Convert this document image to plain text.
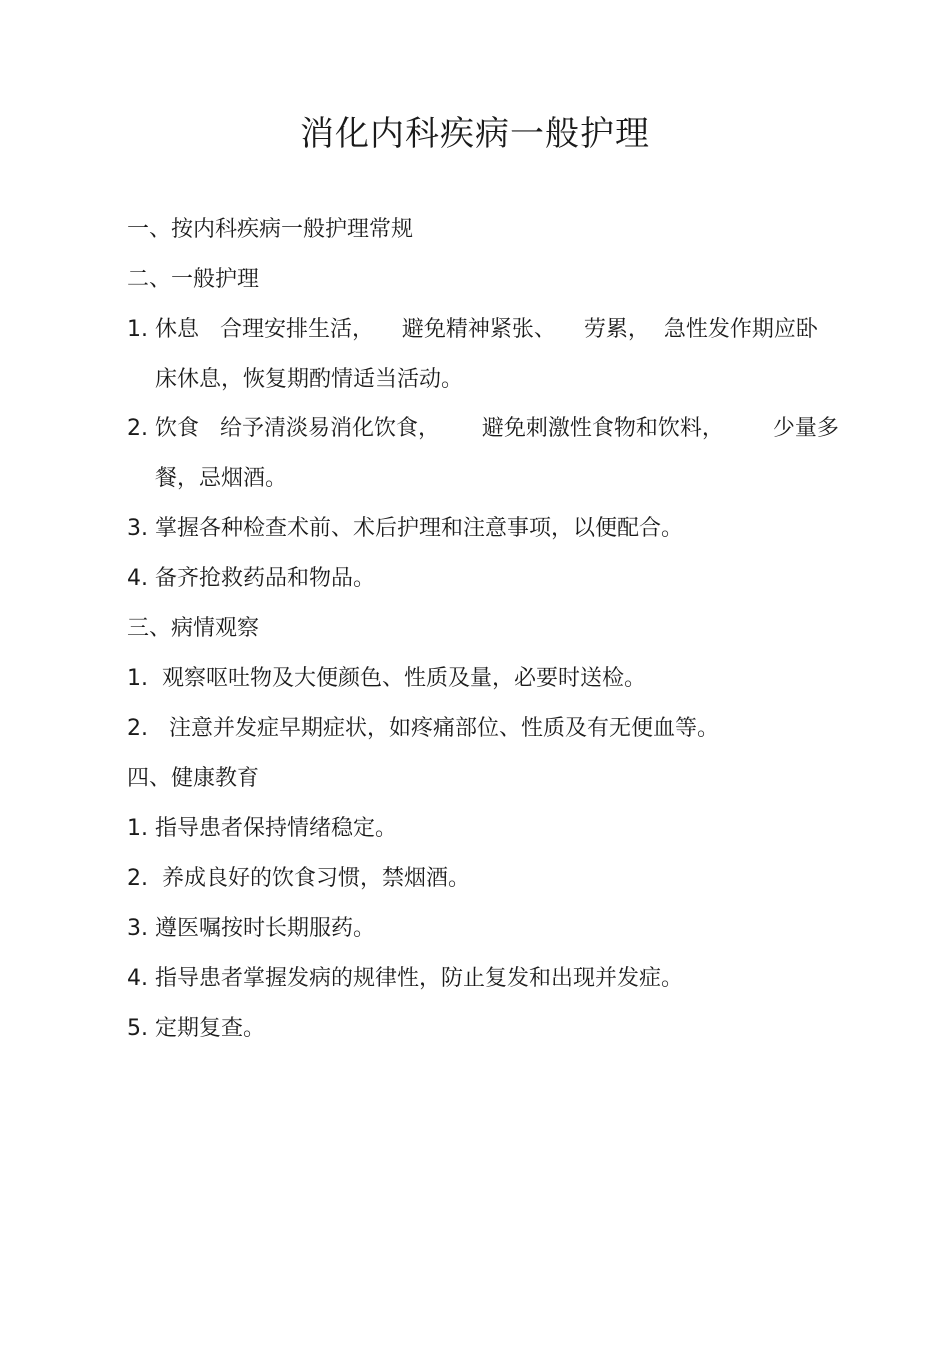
消化内科疾病一般护理
一、按内科疾病一般护理常规
二、一般护理
1. 休息   合理安排生活，    避免精神紧张、    劳累，  急性发作期应卧
床休息，恢复期酌情适当活动。
2. 饮食   给予清淡易消化饮食，      避免刺激性食物和饮料，       少量多
餐，忌烟酒。
3. 掌握各种检查术前、术后护理和注意事项，以便配合。
4. 备齐抢救药品和物品。
三、病情观察
1.  观察呕吐物及大便颜色、性质及量，必要时送检。
2.   注意并发症早期症状，如疼痛部位、性质及有无便血等。
四、健康教育
1. 指导患者保持情绪稳定。
2.  养成良好的饮食习惯，禁烟酒。
3. 遵医嘱按时长期服药。
4. 指导患者掌握发病的规律性，防止复发和出现并发症。
5. 定期复查。
